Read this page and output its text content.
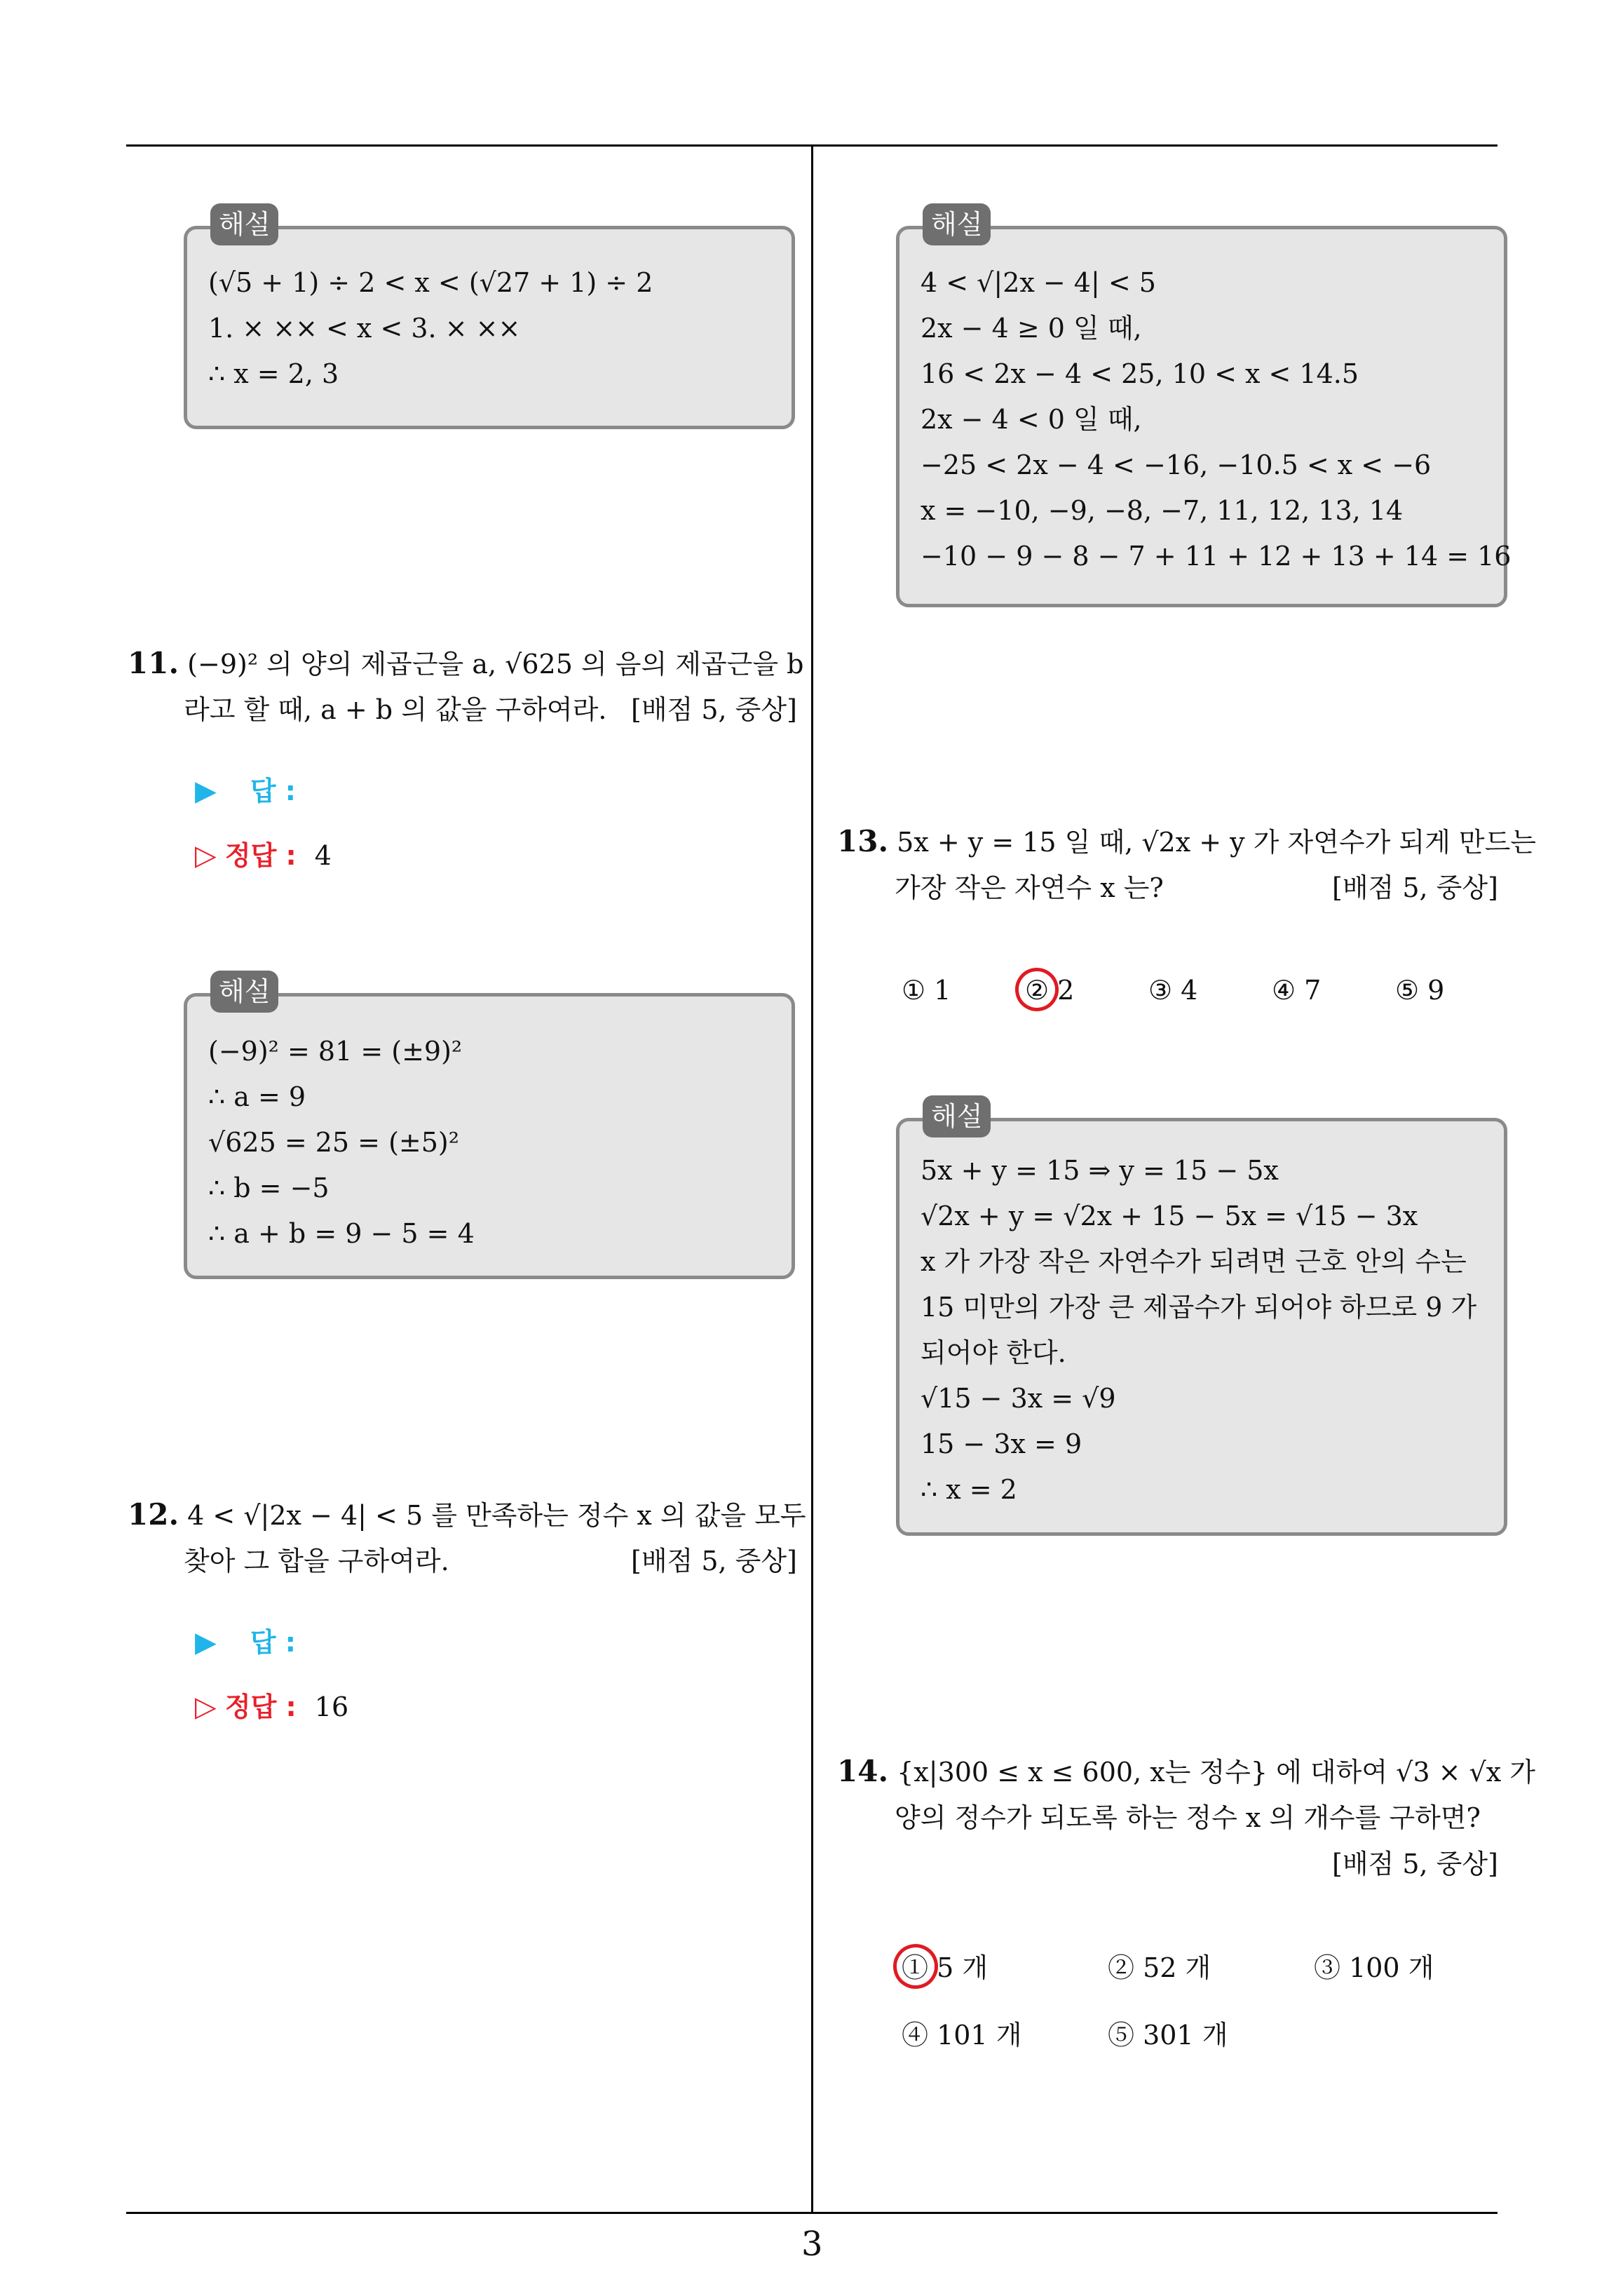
(√5 + 1) ÷ 2 < x < (√27 + 1) ÷ 2
1. × ×× < x < 3. × ××
∴ x = 2, 3
해설
11. (−9)² 의 양의 제곱근을 a, √625 의 음의 제곱근을 b
라고 할 때, a + b 의 값을 구하여라. [배점 5, 중상]
▶ 답 :
▷ 정답 : 4
(−9)² = 81 = (±9)²
∴ a = 9
√625 = 25 = (±5)²
∴ b = −5
∴ a + b = 9 − 5 = 4
해설
12. 4 < √|2x − 4| < 5 를 만족하는 정수 x 의 값을 모두
찾아 그 합을 구하여라.	[배점 5, 중상]
▶ 답 :
▷ 정답 : 16
4 < √|2x − 4| < 5
2x − 4 ≥ 0 일 때,
16 < 2x − 4 < 25, 10 < x < 14.5
2x − 4 < 0 일 때,
−25 < 2x − 4 < −16, −10.5 < x < −6
x = −10, −9, −8, −7, 11, 12, 13, 14
−10 − 9 − 8 − 7 + 11 + 12 + 13 + 14 = 16
해설
13. 5x + y = 15 일 때, √2x + y 가 자연수가 되게 만드는
가장 작은 자연수 x 는?	[배점 5, 중상]
① 1	② 2	③ 4	④ 7	⑤ 9
5x + y = 15 ⇒ y = 15 − 5x
√2x + y = √2x + 15 − 5x = √15 − 3x
x 가 가장 작은 자연수가 되려면 근호 안의 수는
15 미만의 가장 큰 제곱수가 되어야 하므로 9 가
되어야 한다.
√15 − 3x = √9
15 − 3x = 9
∴ x = 2
해설
14. {x|300 ≤ x ≤ 600, x는 정수} 에 대하여 √3 × √x 가
양의 정수가 되도록 하는 정수 x 의 개수를 구하면?
[배점 5, 중상]
① 5 개	② 52 개	③ 100 개
④ 101 개	⑤ 301 개
3
